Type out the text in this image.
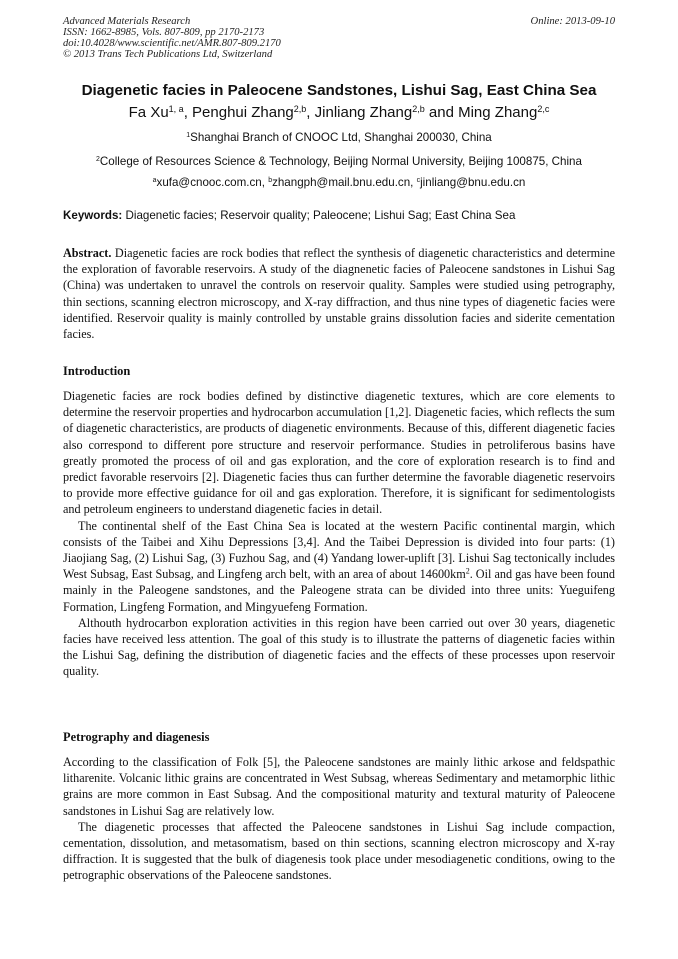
Advanced Materials Research
ISSN: 1662-8985, Vols. 807-809, pp 2170-2173
doi:10.4028/www.scientific.net/AMR.807-809.2170
© 2013 Trans Tech Publications Ltd, Switzerland
Online: 2013-09-10
Diagenetic facies in Paleocene Sandstones, Lishui Sag, East China Sea
Fa Xu$^{1, a}$, Penghui Zhang$^{2,b}$, Jinliang Zhang$^{2,b}$ and Ming Zhang$^{2,c}$
$^1$Shanghai Branch of CNOOC Ltd, Shanghai 200030, China
$^2$College of Resources Science & Technology, Beijing Normal University, Beijing 100875, China
$^a$xufa@cnooc.com.cn, $^b$zhangph@mail.bnu.edu.cn, $^c$jinliang@bnu.edu.cn
Keywords: Diagenetic facies; Reservoir quality; Paleocene; Lishui Sag; East China Sea

Abstract. Diagenetic facies are rock bodies that reflect the synthesis of diagenetic characteristics and determine the exploration of favorable reservoirs. A study of the diagnenetic facies of Paleocene sandstones in Lishui Sag (China) was undertaken to unravel the controls on reservoir quality. Samples were studied using petrography, thin sections, scanning electron microscopy, and X-ray diffraction, and thus nine types of diagenetic facies were identified. Reservoir quality is mainly controlled by unstable grains dissolution facies and siderite cementation facies.

Introduction

Diagenetic facies are rock bodies defined by distinctive diagenetic textures, which are core elements to determine the reservoir properties and hydrocarbon accumulation [1,2]. Diagenetic facies, which reflects the sum of diagenetic characteristics, are products of diagenetic environments. Because of this, different diagenetic facies also correspond to different pore structure and reservoir performance. Studies in petroliferous basins have greatly promoted the process of oil and gas exploration, and the core of exploration research is to find and predict favorable reservoirs [2]. Diagenetic facies thus can further determine the favorable diagenetic reservoirs to provide more effective guidance for oil and gas exploration. Therefore, it is significant for sedimentologists and petroleum engineers to understand diagenetic facies in detail.

The continental shelf of the East China Sea is located at the western Pacific continental margin, which consists of the Taibei and Xihu Depressions [3,4]. And the Taibei Depression is divided into four parts: (1) Jiaojiang Sag, (2) Lishui Sag, (3) Fuzhou Sag, and (4) Yandang lower-uplift [3]. Lishui Sag tectonically includes West Subsag, East Subsag, and Lingfeng arch belt, with an area of about $14600km^2$. Oil and gas have been found mainly in the Paleogene sandstones, and the Paleogene strata can be divided into three units: Yueguifeng Formation, Lingfeng Formation, and Mingyuefeng Formation.

Althouth hydrocarbon exploration activities in this region have been carried out over 30 years, diagenetic facies have received less attention. The goal of this study is to illustrate the patterns of diagenetic facies within the Lishui Sag, defining the distribution of diagenetic facies and the effects of these processes upon reservoir quality.

Petrography and diagenesis

According to the classification of Folk [5], the Paleocene sandstones are mainly lithic arkose and feldspathic litharenite. Volcanic lithic grains are concentrated in West Subsag, whereas Sedimentary and metamorphic lithic grains are more common in East Subsag. And the compositional maturity and textural maturity of Paleocene sandstones in Lishui Sag are relatively low.

The diagenetic processes that affected the Paleocene sandstones in Lishui Sag include compaction, cementation, dissolution, and metasomatism, based on thin sections, scanning electron microscopy and X-ray diffraction. It is suggested that the bulk of diagenesis took place under mesodiagenetic conditions, owing to the petrographic observations of the Paleocene sandstones.
